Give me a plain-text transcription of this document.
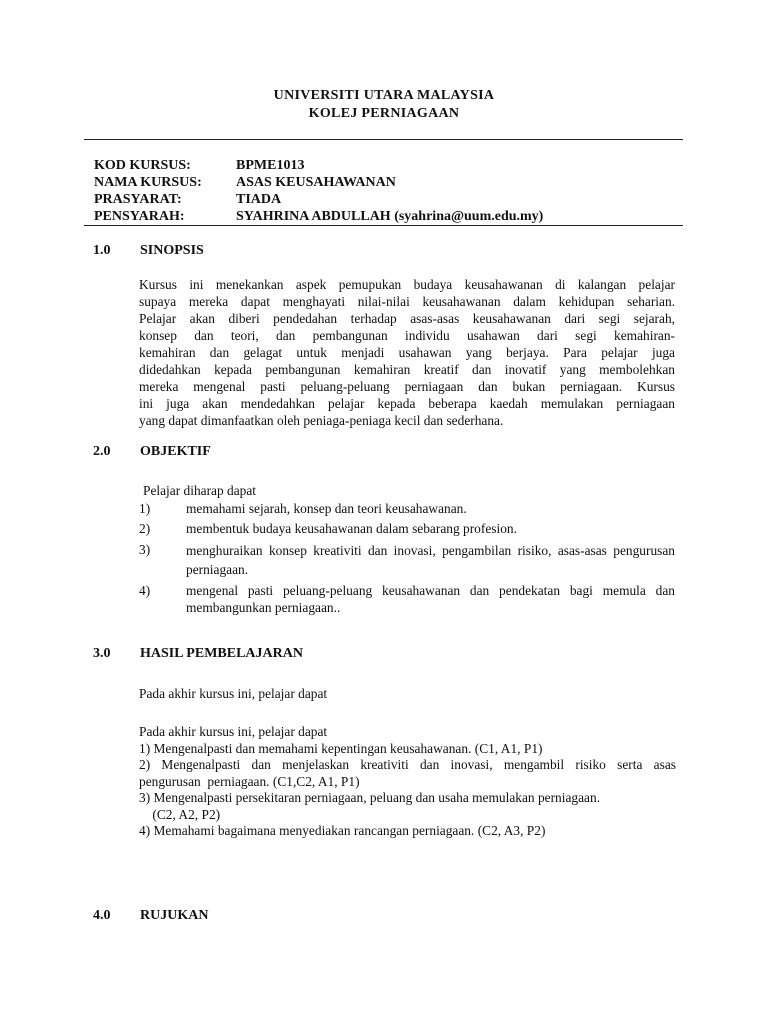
UNIVERSITI UTARA MALAYSIA
KOLEJ PERNIAGAAN
KOD KURSUS:	BPME1013
NAMA KURSUS: ASAS KEUSAHAWANAN
PRASYARAT:	TIADA
PENSYARAH:	SYAHRINA ABDULLAH (syahrina@uum.edu.my)
1.0 SINOPSIS
Kursus ini menekankan aspek pemupukan budaya keusahawanan di kalangan pelajar
supaya mereka dapat menghayati nilai-nilai keusahawanan dalam kehidupan seharian.
Pelajar akan diberi pendedahan terhadap asas-asas keusahawanan dari segi sejarah,
konsep dan teori, dan pembangunan individu usahawan dari segi kemahiran-
kemahiran dan gelagat untuk menjadi usahawan yang berjaya. Para pelajar juga
didedahkan kepada pembangunan kemahiran kreatif dan inovatif yang membolehkan
mereka mengenal pasti peluang-peluang perniagaan dan bukan perniagaan. Kursus
ini juga akan mendedahkan pelajar kepada beberapa kaedah memulakan perniagaan
yang dapat dimanfaatkan oleh peniaga-peniaga kecil dan sederhana.
2.0 OBJEKTIF
Pelajar diharap dapat
1)	memahami sejarah, konsep dan teori keusahawanan.
2)	membentuk budaya keusahawanan dalam sebarang profesion.
3)	menghuraikan konsep kreativiti dan inovasi, pengambilan risiko, asas-asas pengurusan perniagaan.
4)	mengenal pasti peluang-peluang keusahawanan dan pendekatan bagi memula dan membangunkan perniagaan..
3.0 HASIL PEMBELAJARAN
Pada akhir kursus ini, pelajar dapat
Pada akhir kursus ini, pelajar dapat
1) Mengenalpasti dan memahami kepentingan keusahawanan. (C1, A1, P1)
2) Mengenalpasti dan menjelaskan kreativiti dan inovasi, mengambil risiko serta asas
pengurusan  perniagaan. (C1,C2, A1, P1)
3) Mengenalpasti persekitaran perniagaan, peluang dan usaha memulakan perniagaan.
(C2, A2, P2)
4) Memahami bagaimana menyediakan rancangan perniagaan. (C2, A3, P2)
4.0 RUJUKAN
